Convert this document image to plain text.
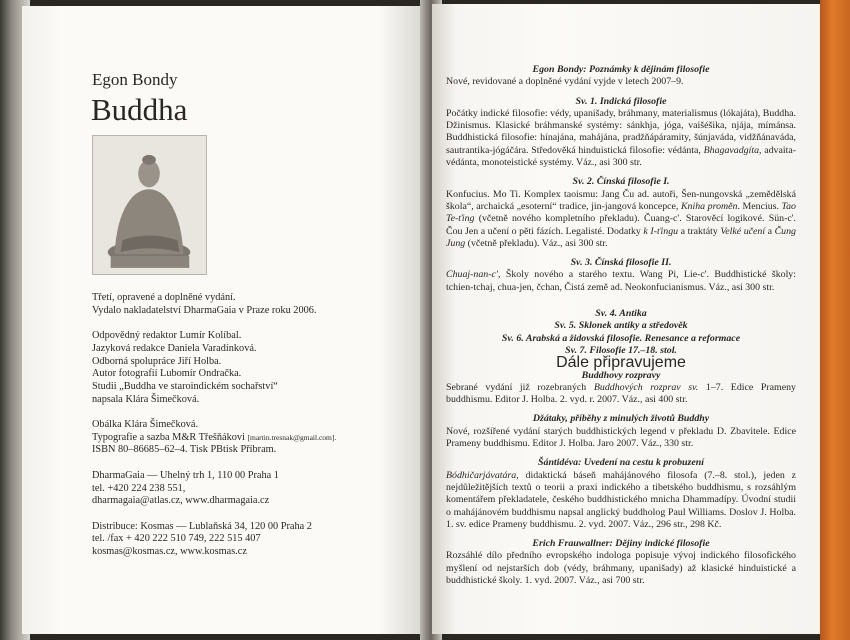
Egon Bondy
Buddha

Třetí, opravené a doplněné vydání.
Vydalo nakladatelství DharmaGaia v Praze roku 2006.

Odpovědný redaktor Lumír Kolíbal.
Jazyková redakce Daniela Varadínková.
Odborná spolupráce Jiří Holba.
Autor fotografií Lubomír Ondračka.
Studii „Buddha ve staroindickém sochařství“
napsala Klára Šimečková.

Obálka Klára Šimečková.
Typografie a sazba M&R Třešňákovi [martin.tresnak@gmail.com].
ISBN 80–86685–62–4. Tisk PBtisk Příbram.

DharmaGaia — Uhelný trh 1, 110 00 Praha 1
tel. +420 224 238 551,
dharmagaia@atlas.cz, www.dharmagaia.cz

Distribuce: Kosmas — Lublaňská 34, 120 00 Praha 2
tel. /fax + 420 222 510 749, 222 515 407
kosmas@kosmas.cz, www.kosmas.cz

Egon Bondy: Poznámky k dějinám filosofie

Nové, revidované a doplněné vydání vyjde v letech 2007–9.

Sv. 1. Indická filosofie

Počátky indické filosofie: védy, upanišady, bráhmany, materialismus (lókajáta), Buddha. Džinismus. Klasické bráhmanské systémy: sánkhja, jóga, vaišéšika, njája, mímánsa. Buddhistická filosofie: hínajána, mahájána, pradžňápáramity, šúnjaváda, vidžňánaváda, sautrantika-jógáčára. Středověká hinduistická filosofie: védánta, Bhagavadgíta, advaita-védánta, monoteistické systémy. Váz., asi 300 str.

Sv. 2. Čínská filosofie I.

Konfucius. Mo Ti. Komplex taoismu: Jang Ču ad. autoři, Šen-nungovská „zemědělská škola“, archaická „esoterní“ tradice, jin-jangová koncepce, Kniha proměn. Mencius. Tao Te-ťing (včetně nového kompletního překladu). Čuang-c'. Starověcí logikové. Sün-c'. Čou Jen a učení o pěti fázích. Legalisté. Dodatky k I-ťingu a traktáty Velké učení a Čung Jung (včetně překladu). Váz., asi 300 str.

Sv. 3. Čínská filosofie II.

Chuaj-nan-c', Školy nového a starého textu. Wang Pi, Lie-c'. Buddhistické školy: tchien-tchaj, chua-jen, čchan, Čistá země ad. Neokonfucianismus. Váz., asi 300 str.

Sv. 4. Antika

Sv. 5. Sklonek antiky a středověk

Sv. 6. Arabská a židovská filosofie. Renesance a reformace

Sv. 7. Filosofie 17.–18. stol.

Dále připravujeme

Buddhovy rozpravy

Sebrané vydání již rozebraných Buddhových rozprav sv. 1–7. Edice Prameny buddhismu. Editor J. Holba. 2. vyd. r. 2007. Váz., asi 400 str.

Džátaky, příběhy z minulých životů Buddhy

Nové, rozšířené vydání starých buddhistických legend v překladu D. Zbavitele. Edice Prameny buddhismu. Editor J. Holba. Jaro 2007. Váz., 330 str.

Šántidéva: Uvedení na cestu k probuzení

Bódhičarjávatára, didaktická báseň mahájánového filosofa (7.–8. stol.), jeden z nejdůležitějších textů o teorii a praxi indického a tibetského buddhismu, s rozsáhlým komentářem překladatele, českého buddhistického mnicha Dhammadípy. Úvodní studii o mahájánovém buddhismu napsal anglický buddholog Paul Williams. Doslov J. Holba. 1. sv. edice Prameny buddhismu. 2. vyd. 2007. Váz., 296 str., 298 Kč.

Erich Frauwallner: Dějiny indické filosofie

Rozsáhlé dílo předního evropského indologa popisuje vývoj indického filosofického myšlení od nejstarších dob (védy, bráhmany, upanišady) až klasické hinduistické a buddhistické školy. 1. vyd. 2007. Váz., asi 700 str.
